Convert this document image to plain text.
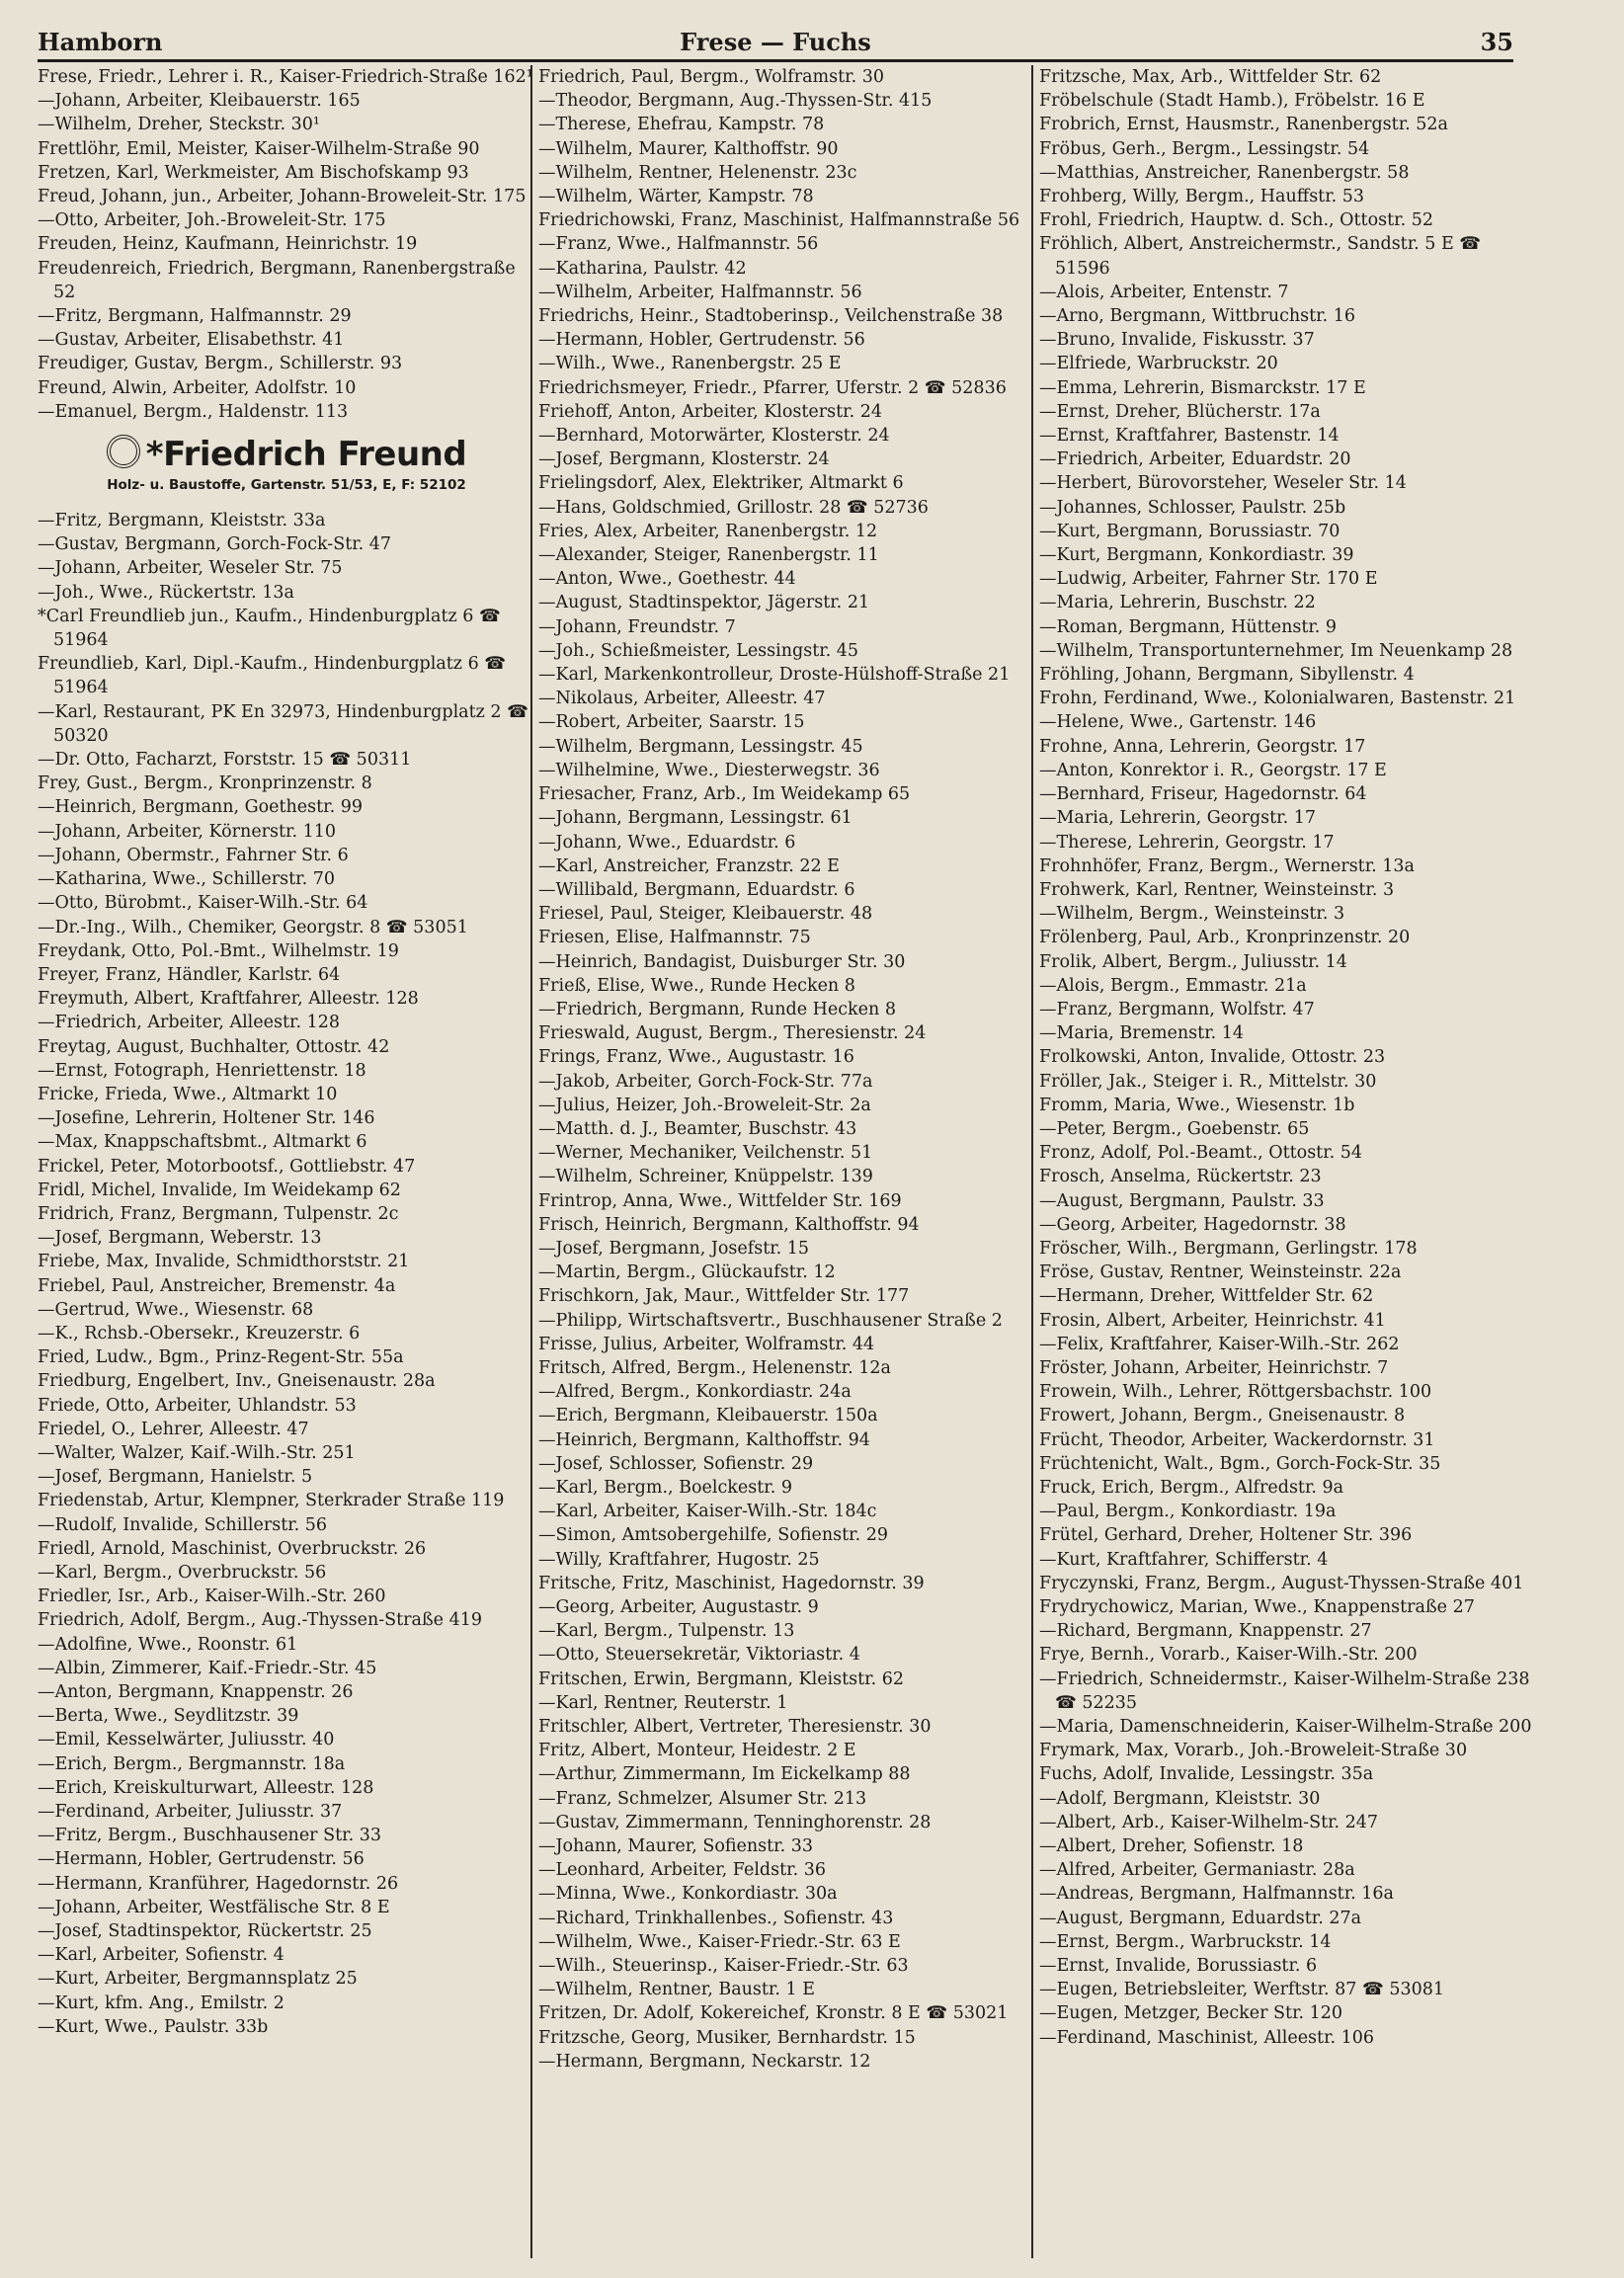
Hamborn	Frese — Fuchs	35
Frese, Friedr., Lehrer i. R., Kaiser-Friedrich-Straße 162¹
—Johann, Arbeiter, Kleibauerstr. 165
—Wilhelm, Dreher, Steckstr. 30¹
Frettlöhr, Emil, Meister, Kaiser-Wilhelm-Straße 90
Fretzen, Karl, Werkmeister, Am Bischofskamp 93
Freud, Johann, jun., Arbeiter, Johann-Broweleit-Str. 175
—Otto, Arbeiter, Joh.-Broweleit-Str. 175
Freuden, Heinz, Kaufmann, Heinrichstr. 19
Freudenreich, Friedrich, Bergmann, Ranenbergstraße 52
—Fritz, Bergmann, Halfmannstr. 29
—Gustav, Arbeiter, Elisabethstr. 41
Freudiger, Gustav, Bergm., Schillerstr. 93
Freund, Alwin, Arbeiter, Adolfstr. 10
—Emanuel, Bergm., Haldenstr. 113
*Friedrich Freund
Holz- u. Baustoffe, Gartenstr. 51/53, E, F: 52102
—Fritz, Bergmann, Kleiststr. 33a
—Gustav, Bergmann, Gorch-Fock-Str. 47
—Johann, Arbeiter, Weseler Str. 75
—Joh., Wwe., Rückertstr. 13a
*Carl Freundlieb jun., Kaufm., Hindenburgplatz 6 ☎ 51964
Freundlieb, Karl, Dipl.-Kaufm., Hindenburgplatz 6 ☎ 51964
—Karl, Restaurant, PK En 32973, Hindenburgplatz 2 ☎ 50320
—Dr. Otto, Facharzt, Forststr. 15 ☎ 50311
Frey, Gust., Bergm., Kronprinzenstr. 8
—Heinrich, Bergmann, Goethestr. 99
—Johann, Arbeiter, Körnerstr. 110
—Johann, Obermstr., Fahrner Str. 6
—Katharina, Wwe., Schillerstr. 70
—Otto, Bürobmt., Kaiser-Wilh.-Str. 64
—Dr.-Ing., Wilh., Chemiker, Georgstr. 8 ☎ 53051
Freydank, Otto, Pol.-Bmt., Wilhelmstr. 19
Freyer, Franz, Händler, Karlstr. 64
Freymuth, Albert, Kraftfahrer, Alleestr. 128
—Friedrich, Arbeiter, Alleestr. 128
Freytag, August, Buchhalter, Ottostr. 42
—Ernst, Fotograph, Henriettenstr. 18
Fricke, Frieda, Wwe., Altmarkt 10
—Josefine, Lehrerin, Holtener Str. 146
—Max, Knappschaftsbmt., Altmarkt 6
Frickel, Peter, Motorbootsf., Gottliebstr. 47
Fridl, Michel, Invalide, Im Weidekamp 62
Fridrich, Franz, Bergmann, Tulpenstr. 2c
—Josef, Bergmann, Weberstr. 13
Friebe, Max, Invalide, Schmidthorststr. 21
Friebel, Paul, Anstreicher, Bremenstr. 4a
—Gertrud, Wwe., Wiesenstr. 68
—K., Rchsb.-Obersekr., Kreuzerstr. 6
Fried, Ludw., Bgm., Prinz-Regent-Str. 55a
Friedburg, Engelbert, Inv., Gneisenaustr. 28a
Friede, Otto, Arbeiter, Uhlandstr. 53
Friedel, O., Lehrer, Alleestr. 47
—Walter, Walzer, Kaif.-Wilh.-Str. 251
—Josef, Bergmann, Hanielstr. 5
Friedenstab, Artur, Klempner, Sterkrader Straße 119
—Rudolf, Invalide, Schillerstr. 56
Friedl, Arnold, Maschinist, Overbruckstr. 26
—Karl, Bergm., Overbruckstr. 56
Friedler, Isr., Arb., Kaiser-Wilh.-Str. 260
Friedrich, Adolf, Bergm., Aug.-Thyssen-Straße 419
—Adolfine, Wwe., Roonstr. 61
—Albin, Zimmerer, Kaif.-Friedr.-Str. 45
—Anton, Bergmann, Knappenstr. 26
—Berta, Wwe., Seydlitzstr. 39
—Emil, Kesselwärter, Juliusstr. 40
—Erich, Bergm., Bergmannstr. 18a
—Erich, Kreiskulturwart, Alleestr. 128
—Ferdinand, Arbeiter, Juliusstr. 37
—Fritz, Bergm., Buschhausener Str. 33
—Hermann, Hobler, Gertrudenstr. 56
—Hermann, Kranführer, Hagedornstr. 26
—Johann, Arbeiter, Westfälische Str. 8 E
—Josef, Stadtinspektor, Rückertstr. 25
—Karl, Arbeiter, Sofienstr. 4
—Kurt, Arbeiter, Bergmannsplatz 25
—Kurt, kfm. Ang., Emilstr. 2
—Kurt, Wwe., Paulstr. 33b
Friedrich, Paul, Bergm., Wolframstr. 30
—Theodor, Bergmann, Aug.-Thyssen-Str. 415
—Therese, Ehefrau, Kampstr. 78
—Wilhelm, Maurer, Kalthoffstr. 90
—Wilhelm, Rentner, Helenenstr. 23c
—Wilhelm, Wärter, Kampstr. 78
Friedrichowski, Franz, Maschinist, Halfmannstraße 56
—Franz, Wwe., Halfmannstr. 56
—Katharina, Paulstr. 42
—Wilhelm, Arbeiter, Halfmannstr. 56
Friedrichs, Heinr., Stadtoberinsp., Veilchenstraße 38
—Hermann, Hobler, Gertrudenstr. 56
—Wilh., Wwe., Ranenbergstr. 25 E
Friedrichsmeyer, Friedr., Pfarrer, Uferstr. 2 ☎ 52836
Friehoff, Anton, Arbeiter, Klosterstr. 24
—Bernhard, Motorwärter, Klosterstr. 24
—Josef, Bergmann, Klosterstr. 24
Frielingsdorf, Alex, Elektriker, Altmarkt 6
—Hans, Goldschmied, Grillostr. 28 ☎ 52736
Fries, Alex, Arbeiter, Ranenbergstr. 12
—Alexander, Steiger, Ranenbergstr. 11
—Anton, Wwe., Goethestr. 44
—August, Stadtinspektor, Jägerstr. 21
—Johann, Freundstr. 7
—Joh., Schießmeister, Lessingstr. 45
—Karl, Markenkontrolleur, Droste-Hülshoff-Straße 21
—Nikolaus, Arbeiter, Alleestr. 47
—Robert, Arbeiter, Saarstr. 15
—Wilhelm, Bergmann, Lessingstr. 45
—Wilhelmine, Wwe., Diesterwegstr. 36
Friesacher, Franz, Arb., Im Weidekamp 65
—Johann, Bergmann, Lessingstr. 61
—Johann, Wwe., Eduardstr. 6
—Karl, Anstreicher, Franzstr. 22 E
—Willibald, Bergmann, Eduardstr. 6
Friesel, Paul, Steiger, Kleibauerstr. 48
Friesen, Elise, Halfmannstr. 75
—Heinrich, Bandagist, Duisburger Str. 30
Frieß, Elise, Wwe., Runde Hecken 8
—Friedrich, Bergmann, Runde Hecken 8
Frieswald, August, Bergm., Theresienstr. 24
Frings, Franz, Wwe., Augustastr. 16
—Jakob, Arbeiter, Gorch-Fock-Str. 77a
—Julius, Heizer, Joh.-Broweleit-Str. 2a
—Matth. d. J., Beamter, Buschstr. 43
—Werner, Mechaniker, Veilchenstr. 51
—Wilhelm, Schreiner, Knüppelstr. 139
Frintrop, Anna, Wwe., Wittfelder Str. 169
Frisch, Heinrich, Bergmann, Kalthoffstr. 94
—Josef, Bergmann, Josefstr. 15
—Martin, Bergm., Glückaufstr. 12
Frischkorn, Jak, Maur., Wittfelder Str. 177
—Philipp, Wirtschaftsvertr., Buschhausener Straße 2
Frisse, Julius, Arbeiter, Wolframstr. 44
Fritsch, Alfred, Bergm., Helenenstr. 12a
—Alfred, Bergm., Konkordiastr. 24a
—Erich, Bergmann, Kleibauerstr. 150a
—Heinrich, Bergmann, Kalthoffstr. 94
—Josef, Schlosser, Sofienstr. 29
—Karl, Bergm., Boelckestr. 9
—Karl, Arbeiter, Kaiser-Wilh.-Str. 184c
—Simon, Amtsobergehilfe, Sofienstr. 29
—Willy, Kraftfahrer, Hugostr. 25
Fritsche, Fritz, Maschinist, Hagedornstr. 39
—Georg, Arbeiter, Augustastr. 9
—Karl, Bergm., Tulpenstr. 13
—Otto, Steuersekretär, Viktoriastr. 4
Fritschen, Erwin, Bergmann, Kleiststr. 62
—Karl, Rentner, Reuterstr. 1
Fritschler, Albert, Vertreter, Theresienstr. 30
Fritz, Albert, Monteur, Heidestr. 2 E
—Arthur, Zimmermann, Im Eickelkamp 88
—Franz, Schmelzer, Alsumer Str. 213
—Gustav, Zimmermann, Tenninghorenstr. 28
—Johann, Maurer, Sofienstr. 33
—Leonhard, Arbeiter, Feldstr. 36
—Minna, Wwe., Konkordiastr. 30a
—Richard, Trinkhallenbes., Sofienstr. 43
—Wilhelm, Wwe., Kaiser-Friedr.-Str. 63 E
—Wilh., Steuerinsp., Kaiser-Friedr.-Str. 63
—Wilhelm, Rentner, Baustr. 1 E
Fritzen, Dr. Adolf, Kokereichef, Kronstr. 8 E ☎ 53021
Fritzsche, Georg, Musiker, Bernhardstr. 15
—Hermann, Bergmann, Neckarstr. 12
Fritzsche, Max, Arb., Wittfelder Str. 62
Fröbelschule (Stadt Hamb.), Fröbelstr. 16 E
Frobrich, Ernst, Hausmstr., Ranenbergstr. 52a
Fröbus, Gerh., Bergm., Lessingstr. 54
—Matthias, Anstreicher, Ranenbergstr. 58
Frohberg, Willy, Bergm., Hauffstr. 53
Frohl, Friedrich, Hauptw. d. Sch., Ottostr. 52
Fröhlich, Albert, Anstreichermstr., Sandstr. 5 E ☎ 51596
—Alois, Arbeiter, Entenstr. 7
—Arno, Bergmann, Wittbruchstr. 16
—Bruno, Invalide, Fiskusstr. 37
—Elfriede, Warbruckstr. 20
—Emma, Lehrerin, Bismarckstr. 17 E
—Ernst, Dreher, Blücherstr. 17a
—Ernst, Kraftfahrer, Bastenstr. 14
—Friedrich, Arbeiter, Eduardstr. 20
—Herbert, Bürovorsteher, Weseler Str. 14
—Johannes, Schlosser, Paulstr. 25b
—Kurt, Bergmann, Borussiastr. 70
—Kurt, Bergmann, Konkordiastr. 39
—Ludwig, Arbeiter, Fahrner Str. 170 E
—Maria, Lehrerin, Buschstr. 22
—Roman, Bergmann, Hüttenstr. 9
—Wilhelm, Transportunternehmer, Im Neuenkamp 28
Fröhling, Johann, Bergmann, Sibyllenstr. 4
Frohn, Ferdinand, Wwe., Kolonialwaren, Bastenstr. 21
—Helene, Wwe., Gartenstr. 146
Frohne, Anna, Lehrerin, Georgstr. 17
—Anton, Konrektor i. R., Georgstr. 17 E
—Bernhard, Friseur, Hagedornstr. 64
—Maria, Lehrerin, Georgstr. 17
—Therese, Lehrerin, Georgstr. 17
Frohnhöfer, Franz, Bergm., Wernerstr. 13a
Frohwerk, Karl, Rentner, Weinsteinstr. 3
—Wilhelm, Bergm., Weinsteinstr. 3
Frölenberg, Paul, Arb., Kronprinzenstr. 20
Frolik, Albert, Bergm., Juliusstr. 14
—Alois, Bergm., Emmastr. 21a
—Franz, Bergmann, Wolfstr. 47
—Maria, Bremenstr. 14
Frolkowski, Anton, Invalide, Ottostr. 23
Fröller, Jak., Steiger i. R., Mittelstr. 30
Fromm, Maria, Wwe., Wiesenstr. 1b
—Peter, Bergm., Goebenstr. 65
Fronz, Adolf, Pol.-Beamt., Ottostr. 54
Frosch, Anselma, Rückertstr. 23
—August, Bergmann, Paulstr. 33
—Georg, Arbeiter, Hagedornstr. 38
Fröscher, Wilh., Bergmann, Gerlingstr. 178
Fröse, Gustav, Rentner, Weinsteinstr. 22a
—Hermann, Dreher, Wittfelder Str. 62
Frosin, Albert, Arbeiter, Heinrichstr. 41
—Felix, Kraftfahrer, Kaiser-Wilh.-Str. 262
Fröster, Johann, Arbeiter, Heinrichstr. 7
Frowein, Wilh., Lehrer, Röttgersbachstr. 100
Frowert, Johann, Bergm., Gneisenaustr. 8
Frücht, Theodor, Arbeiter, Wackerdornstr. 31
Früchtenicht, Walt., Bgm., Gorch-Fock-Str. 35
Fruck, Erich, Bergm., Alfredstr. 9a
—Paul, Bergm., Konkordiastr. 19a
Frütel, Gerhard, Dreher, Holtener Str. 396
—Kurt, Kraftfahrer, Schifferstr. 4
Fryczynski, Franz, Bergm., August-Thyssen-Straße 401
Frydrychowicz, Marian, Wwe., Knappenstraße 27
—Richard, Bergmann, Knappenstr. 27
Frye, Bernh., Vorarb., Kaiser-Wilh.-Str. 200
—Friedrich, Schneidermstr., Kaiser-Wilhelm-Straße 238 ☎ 52235
—Maria, Damenschneiderin, Kaiser-Wilhelm-Straße 200
Frymark, Max, Vorarb., Joh.-Broweleit-Straße 30
Fuchs, Adolf, Invalide, Lessingstr. 35a
—Adolf, Bergmann, Kleiststr. 30
—Albert, Arb., Kaiser-Wilhelm-Str. 247
—Albert, Dreher, Sofienstr. 18
—Alfred, Arbeiter, Germaniastr. 28a
—Andreas, Bergmann, Halfmannstr. 16a
—August, Bergmann, Eduardstr. 27a
—Ernst, Bergm., Warbruckstr. 14
—Ernst, Invalide, Borussiastr. 6
—Eugen, Betriebsleiter, Werftstr. 87 ☎ 53081
—Eugen, Metzger, Becker Str. 120
—Ferdinand, Maschinist, Alleestr. 106
